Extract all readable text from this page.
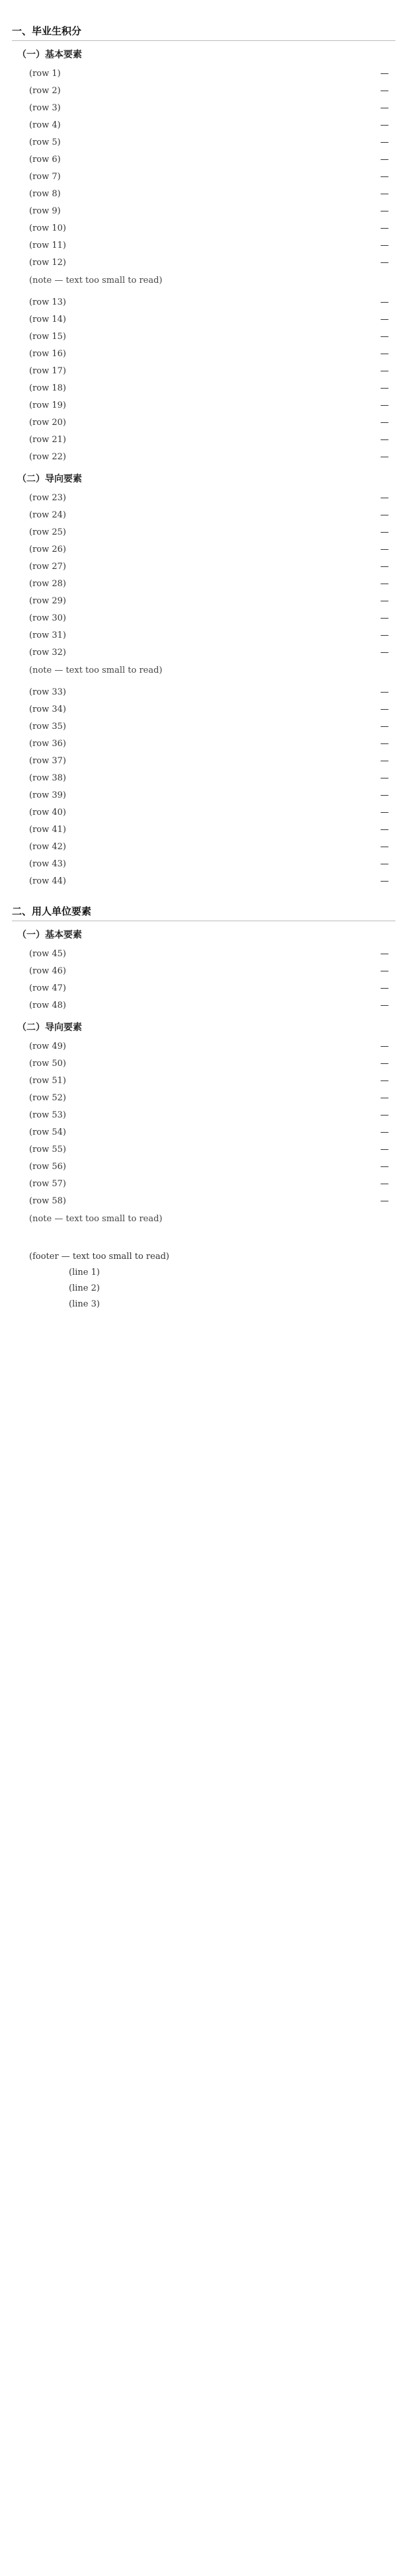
一、毕业生积分
（一）基本要素
(row 1)	—
(row 2)	—
(row 3)	—
(row 4)	—
(row 5)	—
(row 6)	—
(row 7)	—
(row 8)	—
(row 9)	—
(row 10)	—
(row 11)	—
(row 12)	—
(note — text too small to read)
(row 13)	—
(row 14)	—
(row 15)	—
(row 16)	—
(row 17)	—
(row 18)	—
(row 19)	—
(row 20)	—
(row 21)	—
(row 22)	—
（二）导向要素
(row 23)	—
(row 24)	—
(row 25)	—
(row 26)	—
(row 27)	—
(row 28)	—
(row 29)	—
(row 30)	—
(row 31)	—
(row 32)	—
(note — text too small to read)
(row 33)	—
(row 34)	—
(row 35)	—
(row 36)	—
(row 37)	—
(row 38)	—
(row 39)	—
(row 40)	—
(row 41)	—
(row 42)	—
(row 43)	—
(row 44)	—
二、用人单位要素
（一）基本要素
(row 45)	—
(row 46)	—
(row 47)	—
(row 48)	—
（二）导向要素
(row 49)	—
(row 50)	—
(row 51)	—
(row 52)	—
(row 53)	—
(row 54)	—
(row 55)	—
(row 56)	—
(row 57)	—
(row 58)	—
(note — text too small to read)
(footer — text too small to read)
(line 1)
(line 2)
(line 3)
